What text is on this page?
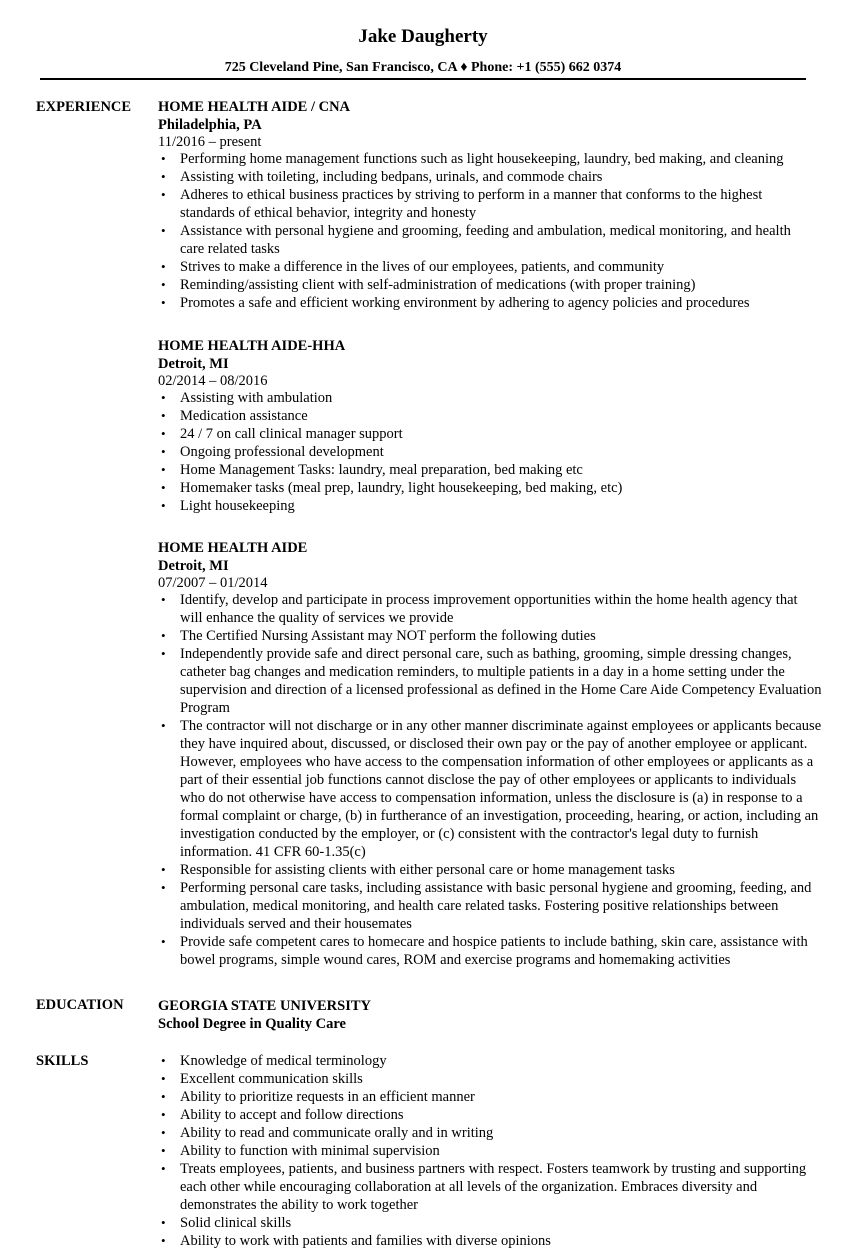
Jake Daugherty
725 Cleveland Pine, San Francisco, CA ♦ Phone: +1 (555) 662 0374
EXPERIENCE HOME HEALTH AIDE / CNA
Philadelphia, PA
11/2016 – present
• Performing home management functions such as light housekeeping, laundry, bed making, and cleaning
• Assisting with toileting, including bedpans, urinals, and commode chairs
• Adheres to ethical business practices by striving to perform in a manner that conforms to the highest standards of ethical behavior, integrity and honesty
• Assistance with personal hygiene and grooming, feeding and ambulation, medical monitoring, and health care related tasks
• Strives to make a difference in the lives of our employees, patients, and community
• Reminding/assisting client with self-administration of medications (with proper training)
• Promotes a safe and efficient working environment by adhering to agency policies and procedures
HOME HEALTH AIDE-HHA
Detroit, MI
02/2014 – 08/2016
• Assisting with ambulation
• Medication assistance
• 24 / 7 on call clinical manager support
• Ongoing professional development
• Home Management Tasks: laundry, meal preparation, bed making etc
• Homemaker tasks (meal prep, laundry, light housekeeping, bed making, etc)
• Light housekeeping
HOME HEALTH AIDE
Detroit, MI
07/2007 – 01/2014
• Identify, develop and participate in process improvement opportunities within the home health agency that will enhance the quality of services we provide
• The Certified Nursing Assistant may NOT perform the following duties
• Independently provide safe and direct personal care, such as bathing, grooming, simple dressing changes, catheter bag changes and medication reminders, to multiple patients in a day in a home setting under the supervision and direction of a licensed professional as defined in the Home Care Aide Competency Evaluation Program
• The contractor will not discharge or in any other manner discriminate against employees or applicants because they have inquired about, discussed, or disclosed their own pay or the pay of another employee or applicant. However, employees who have access to the compensation information of other employees or applicants as a part of their essential job functions cannot disclose the pay of other employees or applicants to individuals who do not otherwise have access to compensation information, unless the disclosure is (a) in response to a formal complaint or charge, (b) in furtherance of an investigation, proceeding, hearing, or action, including an investigation conducted by the employer, or (c) consistent with the contractor's legal duty to furnish information. 41 CFR 60-1.35(c)
• Responsible for assisting clients with either personal care or home management tasks
• Performing personal care tasks, including assistance with basic personal hygiene and grooming, feeding, and ambulation, medical monitoring, and health care related tasks. Fostering positive relationships between individuals served and their housemates
• Provide safe competent cares to homecare and hospice patients to include bathing, skin care, assistance with bowel programs, simple wound cares, ROM and exercise programs and homemaking activities
EDUCATION GEORGIA STATE UNIVERSITY
School Degree in Quality Care
SKILLS
•	Knowledge of medical terminology
• Excellent communication skills
• Ability to prioritize requests in an efficient manner
• Ability to accept and follow directions
• Ability to read and communicate orally and in writing
• Ability to function with minimal supervision
• Treats employees, patients, and business partners with respect. Fosters teamwork by trusting and supporting each other while encouraging collaboration at all levels of the organization. Embraces diversity and demonstrates the ability to work together
• Solid clinical skills
• Ability to work with patients and families with diverse opinions
